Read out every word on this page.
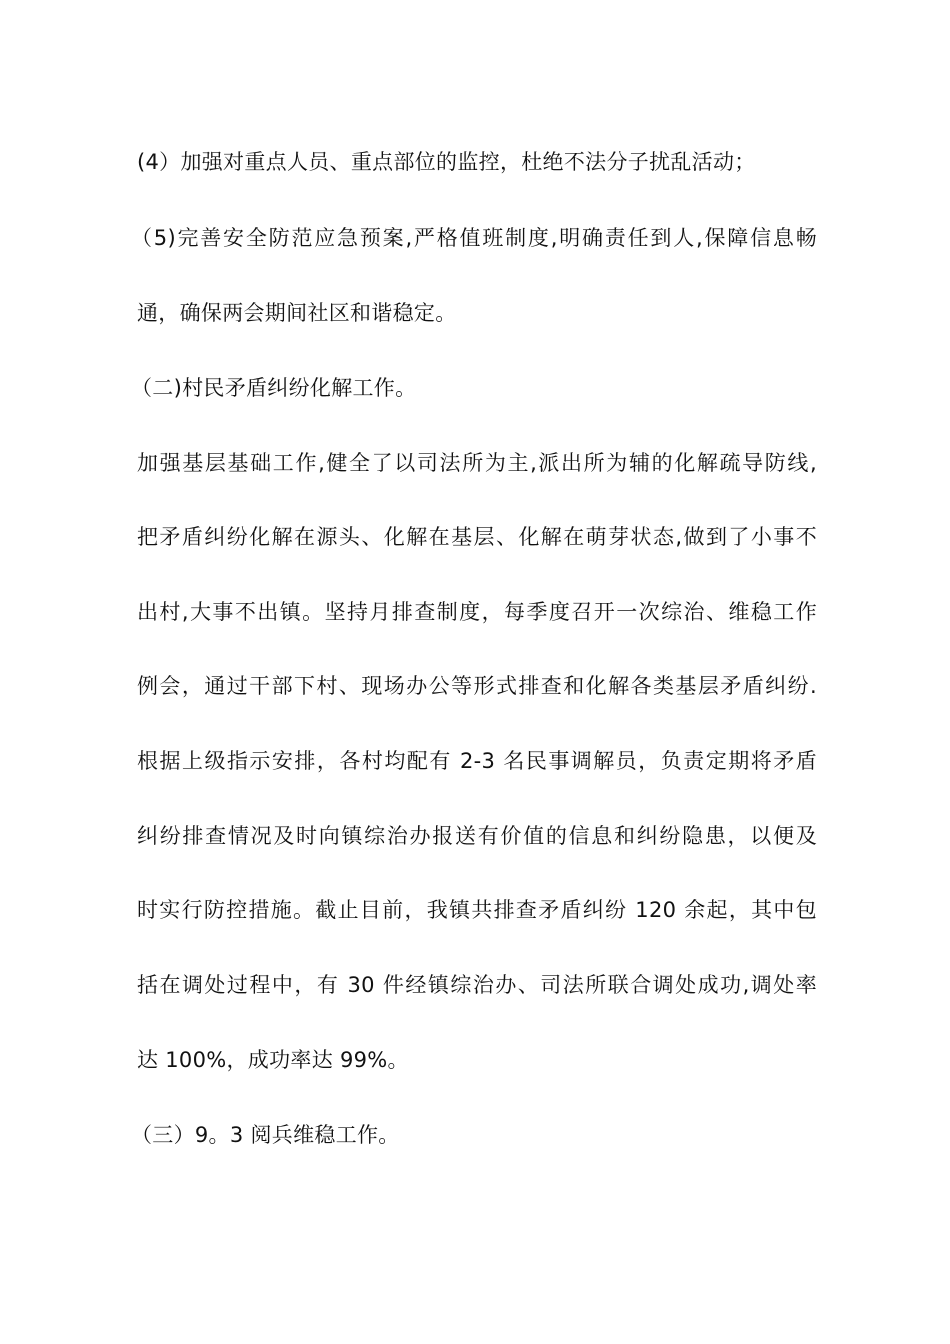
(4）加强对重点人员、重点部位的监控，杜绝不法分子扰乱活动；
（5)完善安全防范应急预案,严格值班制度,明确责任到人,保障信息畅
通，确保两会期间社区和谐稳定。
（二)村民矛盾纠纷化解工作。
加强基层基础工作,健全了以司法所为主,派出所为辅的化解疏导防线,
把矛盾纠纷化解在源头、化解在基层、化解在萌芽状态,做到了小事不
出村,大事不出镇。坚持月排查制度，每季度召开一次综治、维稳工作
例会，通过干部下村、现场办公等形式排查和化解各类基层矛盾纠纷.
根据上级指示安排，各村均配有 2-3 名民事调解员，负责定期将矛盾
纠纷排查情况及时向镇综治办报送有价值的信息和纠纷隐患，以便及
时实行防控措施。截止目前，我镇共排查矛盾纠纷 120 余起，其中包
括在调处过程中，有 30 件经镇综治办、司法所联合调处成功,调处率
达 100%，成功率达 99%。
（三）9。3 阅兵维稳工作。
